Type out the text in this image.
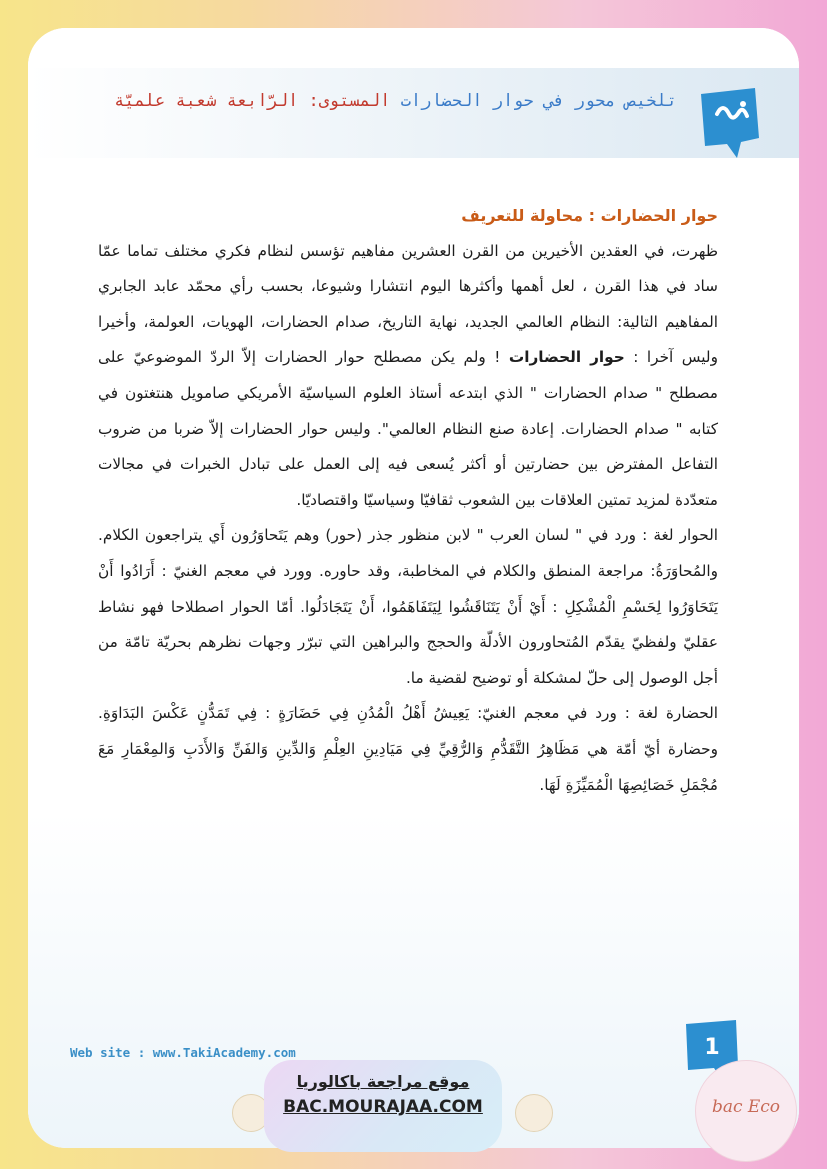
تلخيص محور في حوار الحضارات المستوى: الرّابعة شعبة علميّة

حوار الحضارات : محاولة للتعريف

ظهرت، في العقدين الأخيرين من القرن العشرين مفاهيم تؤسس لنظام فكري مختلف تماما عمّا ساد في هذا القرن ، لعل أهمها وأكثرها اليوم انتشارا وشيوعا، بحسب رأي محمّد عابد الجابري المفاهيم التالية: النظام العالمي الجديد، نهاية التاريخ، صدام الحضارات، الهويات، العولمة، وأخيرا وليس آخرا : حوار الحضارات ! ولم يكن مصطلح حوار الحضارات إلاّ الردّ الموضوعيّ على مصطلح " صدام الحضارات " الذي ابتدعه أستاذ العلوم السياسيّة الأمريكي صامويل هنتغتون في كتابه " صدام الحضارات. إعادة صنع النظام العالمي". وليس حوار الحضارات إلاّ ضربا من ضروب التفاعل المفترض بين حضارتين أو أكثر يُسعى فيه إلى العمل على تبادل الخبرات في مجالات متعدّدة لمزيد تمتين العلاقات بين الشعوب ثقافيّا وسياسيّا واقتصاديّا.

الحوار لغة : ورد في " لسان العرب " لابن منظور جذر (حور) وهم يَتَحاوَرُون أَي يتراجعون الكلام. والمُحاوَرَةُ: مراجعة المنطق والكلام في المخاطبة، وقد حاوره. وورد في معجم الغنيّ : أَرَادُوا أَنْ يَتَحَاوَرُوا لِحَسْمِ الْمُشْكِلِ : أَيْ أَنْ يَتَنَاقَشُوا لِيَتَفَاهَمُوا، أَنْ يَتَجَادَلُوا. أمّا الحوار اصطلاحا فهو نشاط عقليّ ولفظيّ يقدّم المُتحاورون الأدلّة والحجج والبراهين التي تبرّر وجهات نظرهم بحريّة تامّة من أجل الوصول إلى حلّ لمشكلة أو توضيح لقضية ما.

الحضارة لغة : ورد في معجم الغنيّ: يَعِيشُ أَهْلُ الْمُدُنِ فِي حَضَارَةٍ : فِي تَمَدُّنٍ عَكْسَ البَدَاوَةِ. وحضارة أيّ أمّة هي مَظَاهِرُ التَّقَدُّمِ وَالرُّقِيِّ فِي مَيَادِينِ العِلْمِ وَالدِّينِ وَالفَنِّ وَالأَدَبِ وَالمِعْمَارِ مَعَ مُجْمَلِ خَصَائِصِهَا الْمُمَيِّزَةِ لَهَا.

Web site : www.TakiAcademy.com	1
موقع مراجعة باكالوريا
BAC.MOURAJAA.COM	bac Eco
